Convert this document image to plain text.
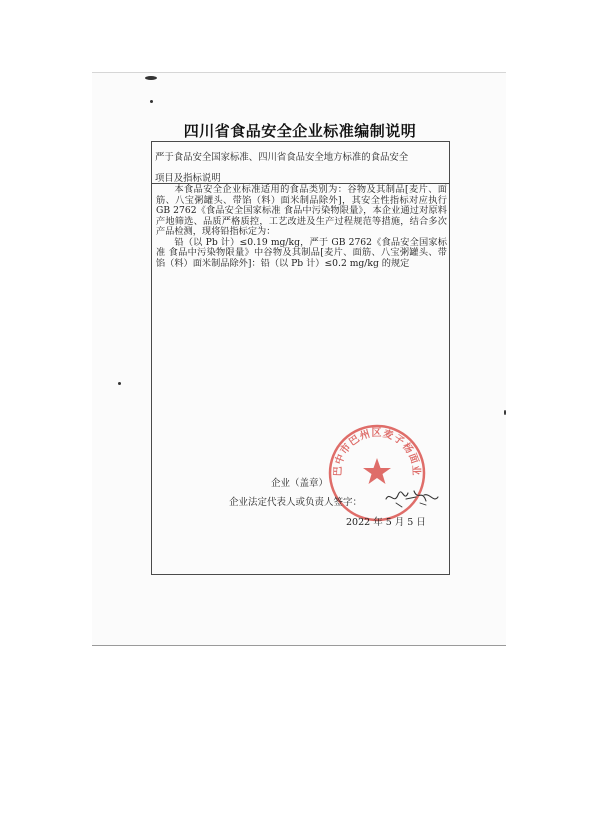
四川省食品安全企业标准编制说明
严于食品安全国家标准、四川省食品安全地方标准的食品安全
项目及指标说明

本食品安全企业标准适用的食品类别为：谷物及其制品[麦片、面筋、八宝粥罐头、带馅（料）面米制品除外]，其安全性指标对应执行 GB 2762《食品安全国家标准 食品中污染物限量》，本企业通过对原料产地筛选、品质严格质控，工艺改进及生产过程规范等措施，结合多次产品检测，现将铅指标定为：

铅（以 Pb 计）≤0.19 mg/kg，严于 GB 2762《食品安全国家标准 食品中污染物限量》中谷物及其制品[麦片、面筋、八宝粥罐头、带馅（料）面米制品除外]：铅（以 Pb 计）≤0.2 mg/kg 的规定

巴中市巴州区麦子杨面业
企业（盖章）
企业法定代表人或负责人签字：
2022 年 5 月 5 日
